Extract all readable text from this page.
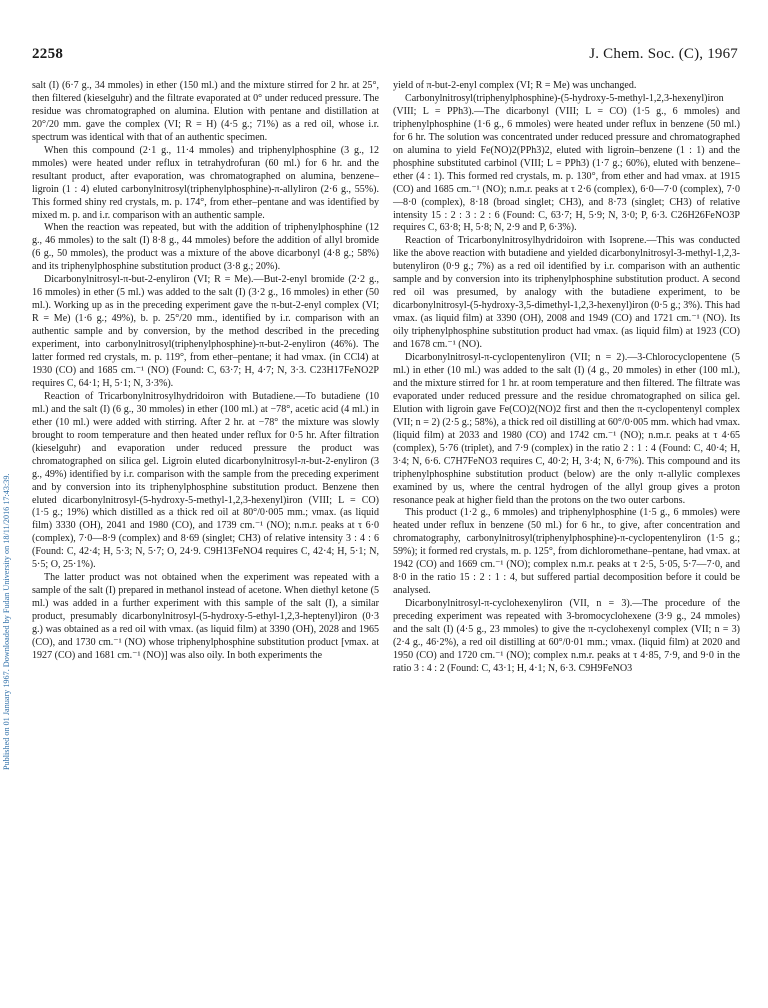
2258	J. Chem. Soc. (C), 1967
Published on 01 January 1967. Downloaded by Fudan University on 18/11/2016 17:43:39.

salt (I) (6·7 g., 34 mmoles) in ether (150 ml.) and the mixture stirred for 2 hr. at 25°, then filtered (kieselguhr) and the filtrate evaporated at 0° under reduced pressure. The residue was chromatographed on alumina. Elution with pentane and distillation at 20°/20 mm. gave the complex (VI; R = H) (4·5 g.; 71%) as a red oil, whose i.r. spectrum was identical with that of an authentic specimen.

When this compound (2·1 g., 11·4 mmoles) and triphenylphosphine (3 g., 12 mmoles) were heated under reflux in tetrahydrofuran (60 ml.) for 6 hr. and the resultant product, after evaporation, was chromatographed on alumina, benzene–ligroin (1 : 4) eluted carbonylnitrosyl(triphenylphosphine)-π-allyliron (2·6 g., 55%). This formed shiny red crystals, m. p. 174°, from ether–pentane and was identified by mixed m. p. and i.r. comparison with an authentic sample.

When the reaction was repeated, but with the addition of triphenylphosphine (12 g., 46 mmoles) to the salt (I) 8·8 g., 44 mmoles) before the addition of allyl bromide (6 g., 50 mmoles), the product was a mixture of the above dicarbonyl (4·8 g.; 58%) and its triphenylphosphine substitution product (3·8 g.; 20%).

Dicarbonylnitrosyl-π-but-2-enyliron (VI; R = Me).—But-2-enyl bromide (2·2 g., 16 mmoles) in ether (5 ml.) was added to the salt (I) (3·2 g., 16 mmoles) in ether (50 ml.). Working up as in the preceding experiment gave the π-but-2-enyl complex (VI; R = Me) (1·6 g.; 49%), b. p. 25°/20 mm., identified by i.r. comparison with an authentic sample and by conversion, by the method described in the preceding experiment, into carbonylnitrosyl(triphenylphosphine)-π-but-2-enyliron (46%). The latter formed red crystals, m. p. 119°, from ether–pentane; it had νmax. (in CCl4) at 1930 (CO) and 1685 cm.⁻¹ (NO) (Found: C, 63·7; H, 4·7; N, 3·3. C23H17FeNO2P requires C, 64·1; H, 5·1; N, 3·3%).

Reaction of Tricarbonylnitrosylhydridoiron with Butadiene.—To butadiene (10 ml.) and the salt (I) (6 g., 30 mmoles) in ether (100 ml.) at −78°, acetic acid (4 ml.) in ether (10 ml.) were added with stirring. After 2 hr. at −78° the mixture was slowly brought to room temperature and then heated under reflux for 0·5 hr. After filtration (kieselguhr) and evaporation under reduced pressure the product was chromatographed on silica gel. Ligroin eluted dicarbonylnitrosyl-π-but-2-enyliron (3 g., 49%) identified by i.r. comparison with the sample from the preceding experiment and by conversion into its triphenylphosphine substitution product. Benzene then eluted dicarbonylnitrosyl-(5-hydroxy-5-methyl-1,2,3-hexenyl)iron (VIII; L = CO) (1·5 g.; 19%) which distilled as a thick red oil at 80°/0·005 mm.; νmax. (as liquid film) 3330 (OH), 2041 and 1980 (CO), and 1739 cm.⁻¹ (NO); n.m.r. peaks at τ 6·0 (complex), 7·0—8·9 (complex) and 8·69 (singlet; CH3) of relative intensity 3 : 4 : 6 (Found: C, 42·4; H, 5·3; N, 5·7; O, 24·9. C9H13FeNO4 requires C, 42·4; H, 5·1; N, 5·5; O, 25·1%).

The latter product was not obtained when the experiment was repeated with a sample of the salt (I) prepared in methanol instead of acetone. When diethyl ketone (5 ml.) was added in a further experiment with this sample of the salt (I), a similar product, presumably dicarbonylnitrosyl-(5-hydroxy-5-ethyl-1,2,3-heptenyl)iron (0·3 g.) was obtained as a red oil with νmax. (as liquid film) at 3390 (OH), 2028 and 1965 (CO), and 1730 cm.⁻¹ (NO) whose triphenylphosphine substitution product [νmax. at 1927 (CO) and 1681 cm.⁻¹ (NO)] was also oily. In both experiments the

yield of π-but-2-enyl complex (VI; R = Me) was unchanged.

Carbonylnitrosyl(triphenylphosphine)-(5-hydroxy-5-methyl-1,2,3-hexenyl)iron (VIII; L = PPh3).—The dicarbonyl (VIII; L = CO) (1·5 g., 6 mmoles) and triphenylphosphine (1·6 g., 6 mmoles) were heated under reflux in benzene (50 ml.) for 6 hr. The solution was concentrated under reduced pressure and chromatographed on alumina to yield Fe(NO)2(PPh3)2, eluted with ligroin–benzene (1 : 1) and the phosphine substituted carbinol (VIII; L = PPh3) (1·7 g.; 60%), eluted with benzene–ether (4 : 1). This formed red crystals, m. p. 130°, from ether and had νmax. at 1915 (CO) and 1685 cm.⁻¹ (NO); n.m.r. peaks at τ 2·6 (complex), 6·0—7·0 (complex), 7·0—8·0 (complex), 8·18 (broad singlet; CH3), and 8·73 (singlet; CH3) of relative intensity 15 : 2 : 3 : 2 : 6 (Found: C, 63·7; H, 5·9; N, 3·0; P, 6·3. C26H26FeNO3P requires C, 63·8; H, 5·8; N, 2·9 and P, 6·3%).

Reaction of Tricarbonylnitrosylhydridoiron with Isoprene.—This was conducted like the above reaction with butadiene and yielded dicarbonylnitrosyl-3-methyl-1,2,3-butenyliron (0·9 g.; 7%) as a red oil identified by i.r. comparison with an authentic sample and by conversion into its triphenylphosphine substitution product. A second red oil was presumed, by analogy with the butadiene experiment, to be dicarbonylnitrosyl-(5-hydroxy-3,5-dimethyl-1,2,3-hexenyl)iron (0·5 g.; 3%). This had νmax. (as liquid film) at 3390 (OH), 2008 and 1949 (CO) and 1721 cm.⁻¹ (NO). Its oily triphenylphosphine substitution product had νmax. (as liquid film) at 1923 (CO) and 1678 cm.⁻¹ (NO).

Dicarbonylnitrosyl-π-cyclopentenyliron (VII; n = 2).—3-Chlorocyclopentene (5 ml.) in ether (10 ml.) was added to the salt (I) (4 g., 20 mmoles) in ether (100 ml.), and the mixture stirred for 1 hr. at room temperature and then filtered. The filtrate was evaporated under reduced pressure and the residue chromatographed on silica gel. Elution with ligroin gave Fe(CO)2(NO)2 first and then the π-cyclopentenyl complex (VII; n = 2) (2·5 g.; 58%), a thick red oil distilling at 60°/0·005 mm. which had νmax. (liquid film) at 2033 and 1980 (CO) and 1742 cm.⁻¹ (NO); n.m.r. peaks at τ 4·65 (complex), 5·76 (triplet), and 7·9 (complex) in the ratio 2 : 1 : 4 (Found: C, 40·4; H, 3·4; N, 6·6. C7H7FeNO3 requires C, 40·2; H, 3·4; N, 6·7%). This compound and its triphenylphosphine substitution product (below) are the only π-allylic complexes examined by us, where the central hydrogen of the allyl group gives a proton resonance peak at higher field than the protons on the two outer carbons.

This product (1·2 g., 6 mmoles) and triphenylphosphine (1·5 g., 6 mmoles) were heated under reflux in benzene (50 ml.) for 6 hr., to give, after concentration and chromatography, carbonylnitrosyl(triphenylphosphine)-π-cyclopentenyliron (1·5 g.; 59%); it formed red crystals, m. p. 125°, from dichloromethane–pentane, had νmax. at 1942 (CO) and 1669 cm.⁻¹ (NO); complex n.m.r. peaks at τ 2·5, 5·05, 5·7—7·0, and 8·0 in the ratio 15 : 2 : 1 : 4, but suffered partial decomposition before it could be analysed.

Dicarbonylnitrosyl-π-cyclohexenyliron (VII, n = 3).—The procedure of the preceding experiment was repeated with 3-bromocyclohexene (3·9 g., 24 mmoles) and the salt (I) (4·5 g., 23 mmoles) to give the π-cyclohexenyl complex (VII; n = 3) (2·4 g., 46·2%), a red oil distilling at 60°/0·01 mm.; νmax. (liquid film) at 2020 and 1950 (CO) and 1720 cm.⁻¹ (NO); complex n.m.r. peaks at τ 4·85, 7·9, and 9·0 in the ratio 3 : 4 : 2 (Found: C, 43·1; H, 4·1; N, 6·3. C9H9FeNO3
